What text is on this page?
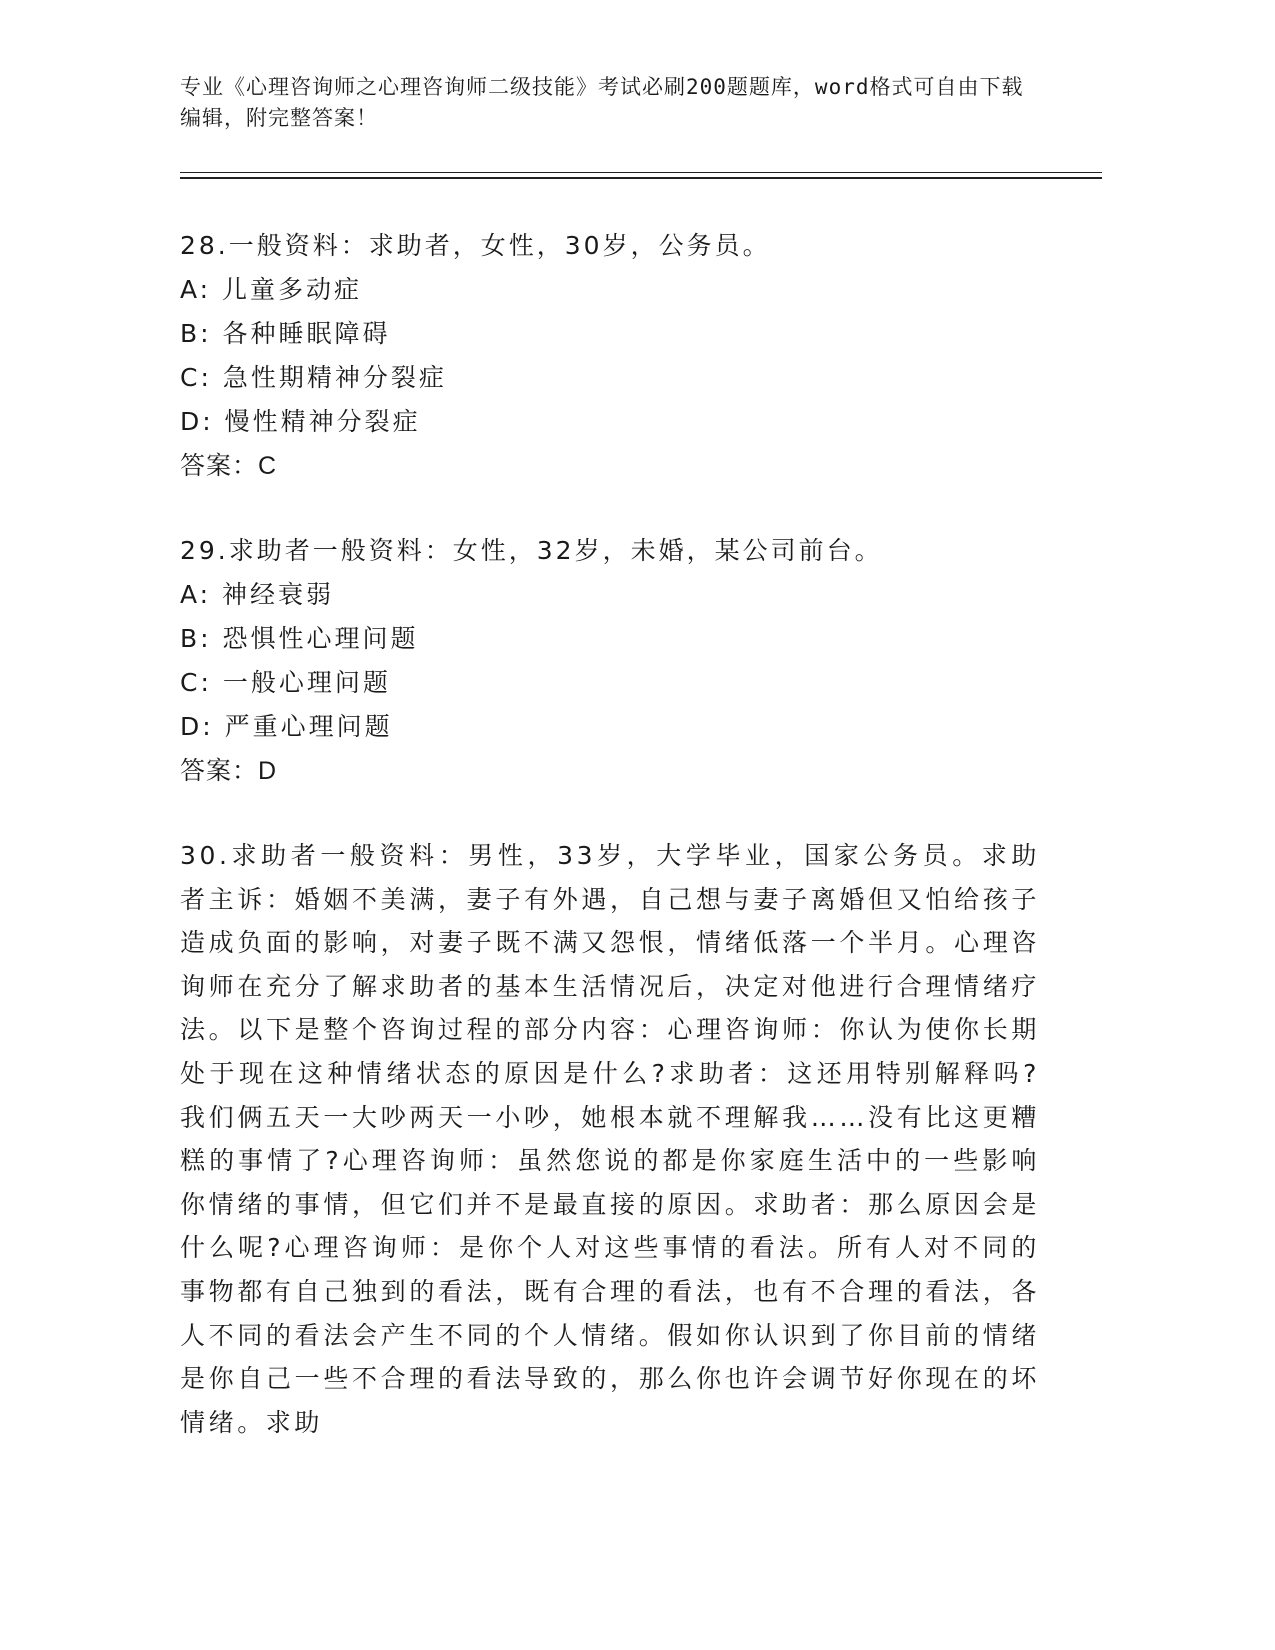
专业《心理咨询师之心理咨询师二级技能》考试必刷200题题库，word格式可自由下载编辑，附完整答案！
28.一般资料：求助者，女性，30岁，公务员。
A: 儿童多动症
B: 各种睡眠障碍
C: 急性期精神分裂症
D: 慢性精神分裂症
答案：C
29.求助者一般资料：女性，32岁，未婚，某公司前台。
A: 神经衰弱
B: 恐惧性心理问题
C: 一般心理问题
D: 严重心理问题
答案：D
30.求助者一般资料：男性，33岁，大学毕业，国家公务员。求助者主诉：婚姻不美满，妻子有外遇，自己想与妻子离婚但又怕给孩子造成负面的影响，对妻子既不满又怨恨，情绪低落一个半月。心理咨询师在充分了解求助者的基本生活情况后，决定对他进行合理情绪疗法。以下是整个咨询过程的部分内容：心理咨询师：你认为使你长期处于现在这种情绪状态的原因是什么?求助者：这还用特别解释吗?我们俩五天一大吵两天一小吵，她根本就不理解我……没有比这更糟糕的事情了?心理咨询师：虽然您说的都是你家庭生活中的一些影响你情绪的事情，但它们并不是最直接的原因。求助者：那么原因会是什么呢?心理咨询师：是你个人对这些事情的看法。所有人对不同的事物都有自己独到的看法，既有合理的看法，也有不合理的看法，各人不同的看法会产生不同的个人情绪。假如你认识到了你目前的情绪是你自己一些不合理的看法导致的，那么你也许会调节好你现在的坏情绪。求助
